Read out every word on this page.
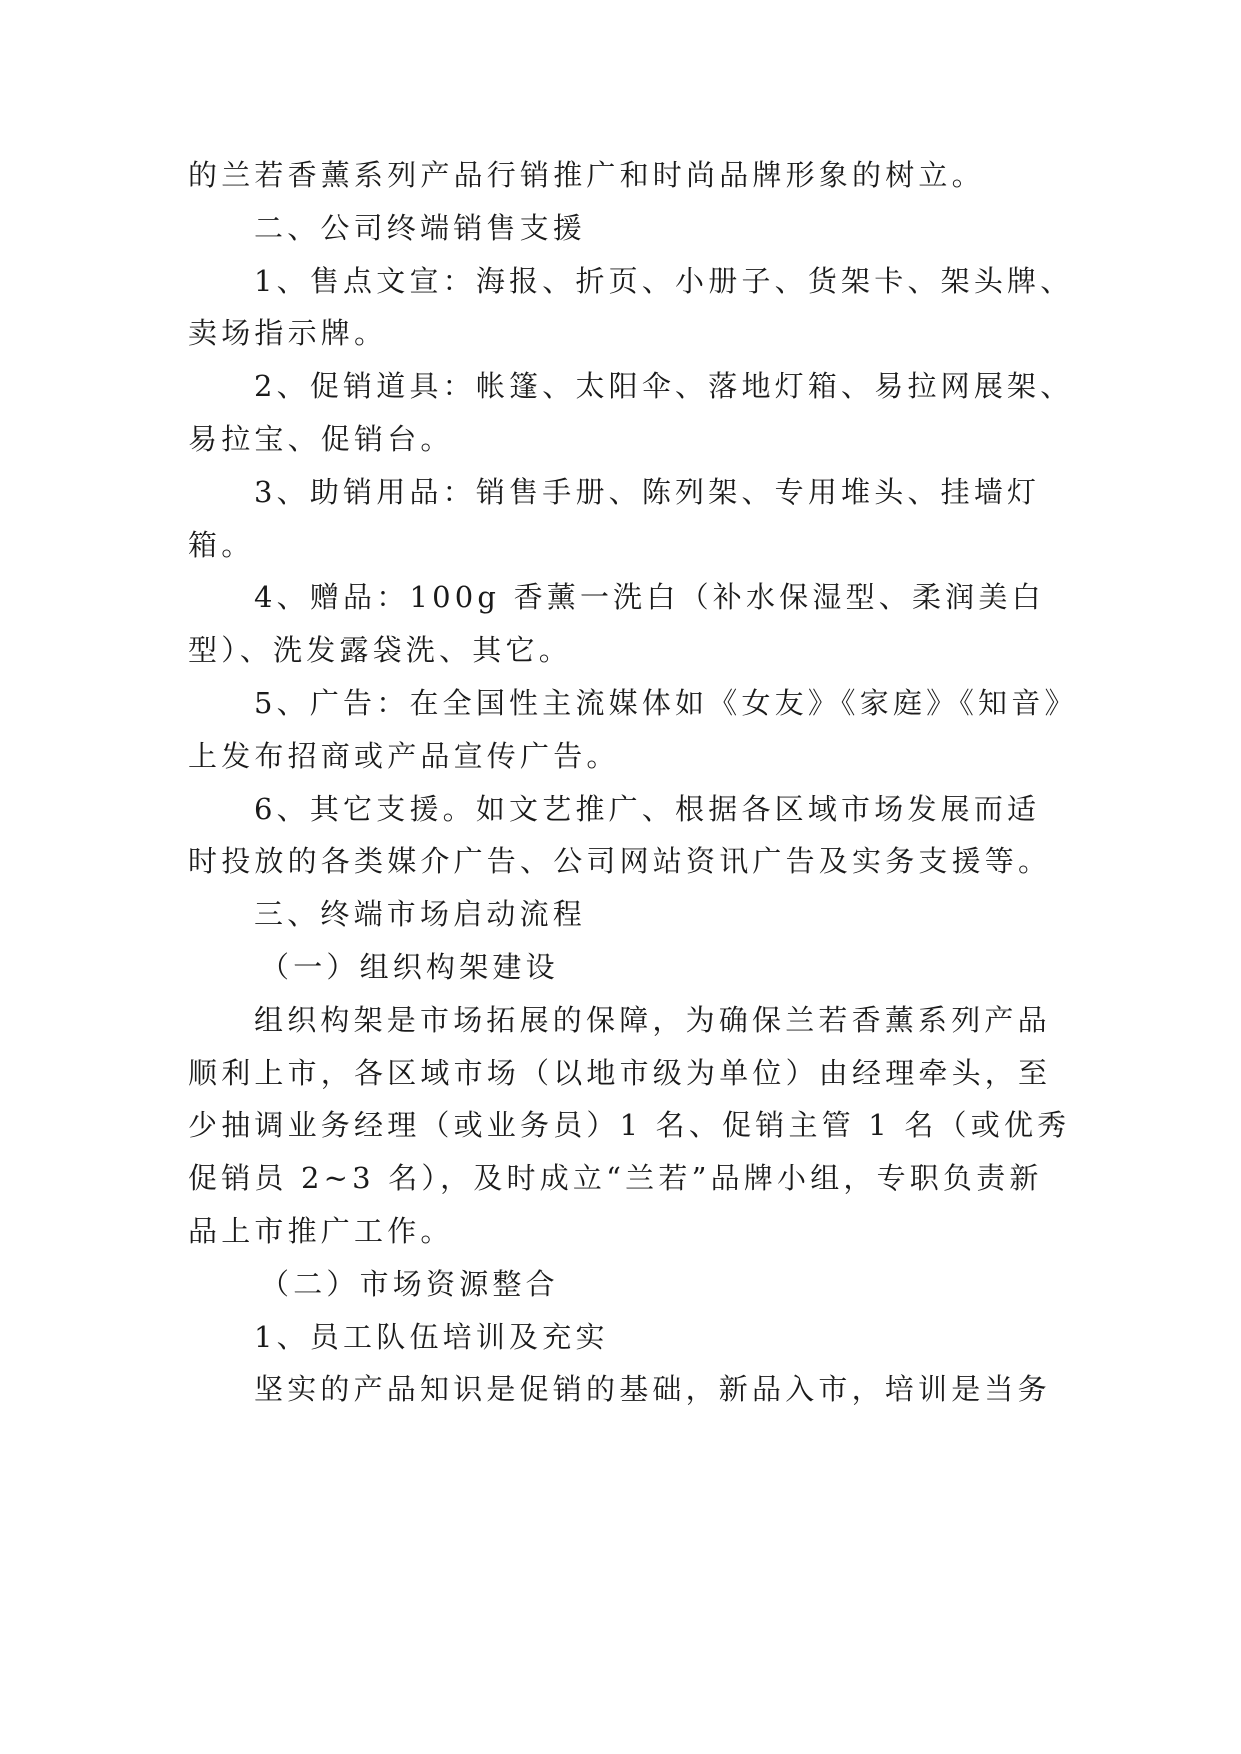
的兰若香薰系列产品行销推广和时尚品牌形象的树立。
二、公司终端销售支援
1、售点文宣：海报、折页、小册子、货架卡、架头牌、
卖场指示牌。
2、促销道具：帐篷、太阳伞、落地灯箱、易拉网展架、
易拉宝、促销台。
3、助销用品：销售手册、陈列架、专用堆头、挂墙灯
箱。
4、赠品：100g 香薰一洗白（补水保湿型、柔润美白
型）、洗发露袋洗、其它。
5、广告：在全国性主流媒体如《女友》《家庭》《知音》
上发布招商或产品宣传广告。
6、其它支援。如文艺推广、根据各区域市场发展而适
时投放的各类媒介广告、公司网站资讯广告及实务支援等。
三、终端市场启动流程
（一）组织构架建设
组织构架是市场拓展的保障，为确保兰若香薰系列产品
顺利上市，各区域市场（以地市级为单位）由经理牵头，至
少抽调业务经理（或业务员）1 名、促销主管 1 名（或优秀
促销员 2~3 名），及时成立“兰若”品牌小组，专职负责新
品上市推广工作。
（二）市场资源整合
1、员工队伍培训及充实
坚实的产品知识是促销的基础，新品入市，培训是当务
